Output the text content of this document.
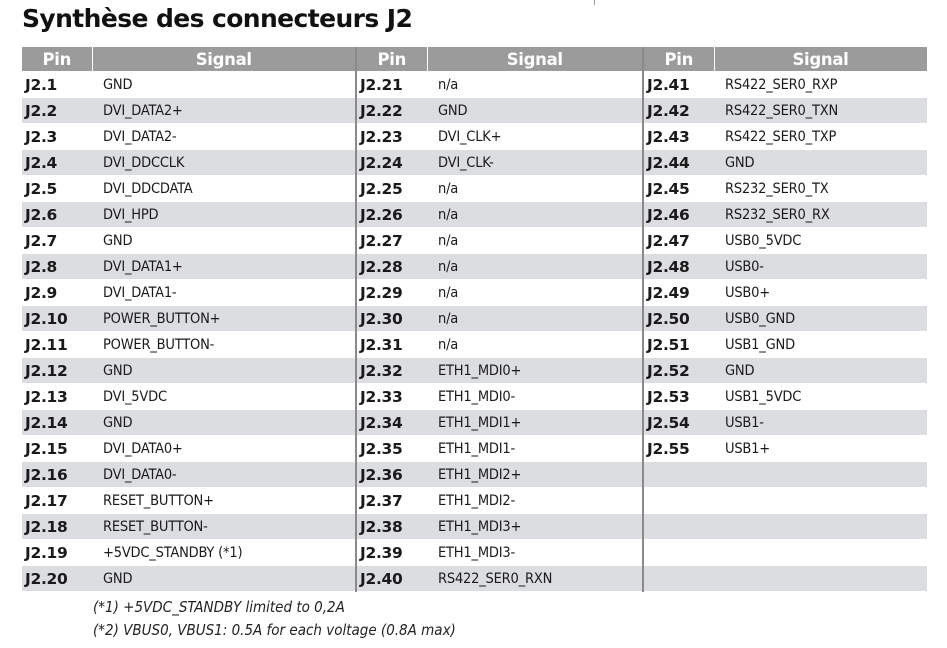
Synthèse des connecteurs J2
Pin	Signal	Pin	Signal	Pin	Signal
J2.1	GND	J2.21	n/a	J2.41	RS422_SER0_RXP
J2.2	DVI_DATA2+	J2.22	GND	J2.42	RS422_SER0_TXN
J2.3	DVI_DATA2-	J2.23	DVI_CLK+	J2.43	RS422_SER0_TXP
J2.4	DVI_DDCCLK	J2.24	DVI_CLK-	J2.44	GND
J2.5	DVI_DDCDATA	J2.25	n/a	J2.45	RS232_SER0_TX
J2.6	DVI_HPD	J2.26	n/a	J2.46	RS232_SER0_RX
J2.7	GND	J2.27	n/a	J2.47	USB0_5VDC
J2.8	DVI_DATA1+	J2.28	n/a	J2.48	USB0-
J2.9	DVI_DATA1-	J2.29	n/a	J2.49	USB0+
J2.10	POWER_BUTTON+	J2.30	n/a	J2.50	USB0_GND
J2.11	POWER_BUTTON-	J2.31	n/a	J2.51	USB1_GND
J2.12	GND	J2.32	ETH1_MDI0+	J2.52	GND
J2.13	DVI_5VDC	J2.33	ETH1_MDI0-	J2.53	USB1_5VDC
J2.14	GND	J2.34	ETH1_MDI1+	J2.54	USB1-
J2.15	DVI_DATA0+	J2.35	ETH1_MDI1-	J2.55	USB1+
J2.16	DVI_DATA0-	J2.36	ETH1_MDI2+		
J2.17	RESET_BUTTON+	J2.37	ETH1_MDI2-		
J2.18	RESET_BUTTON-	J2.38	ETH1_MDI3+		
J2.19	+5VDC_STANDBY (*1)	J2.39	ETH1_MDI3-		
J2.20	GND	J2.40	RS422_SER0_RXN		
(*1) +5VDC_STANDBY limited to 0,2A
(*2) VBUS0, VBUS1: 0.5A for each voltage (0.8A max)
